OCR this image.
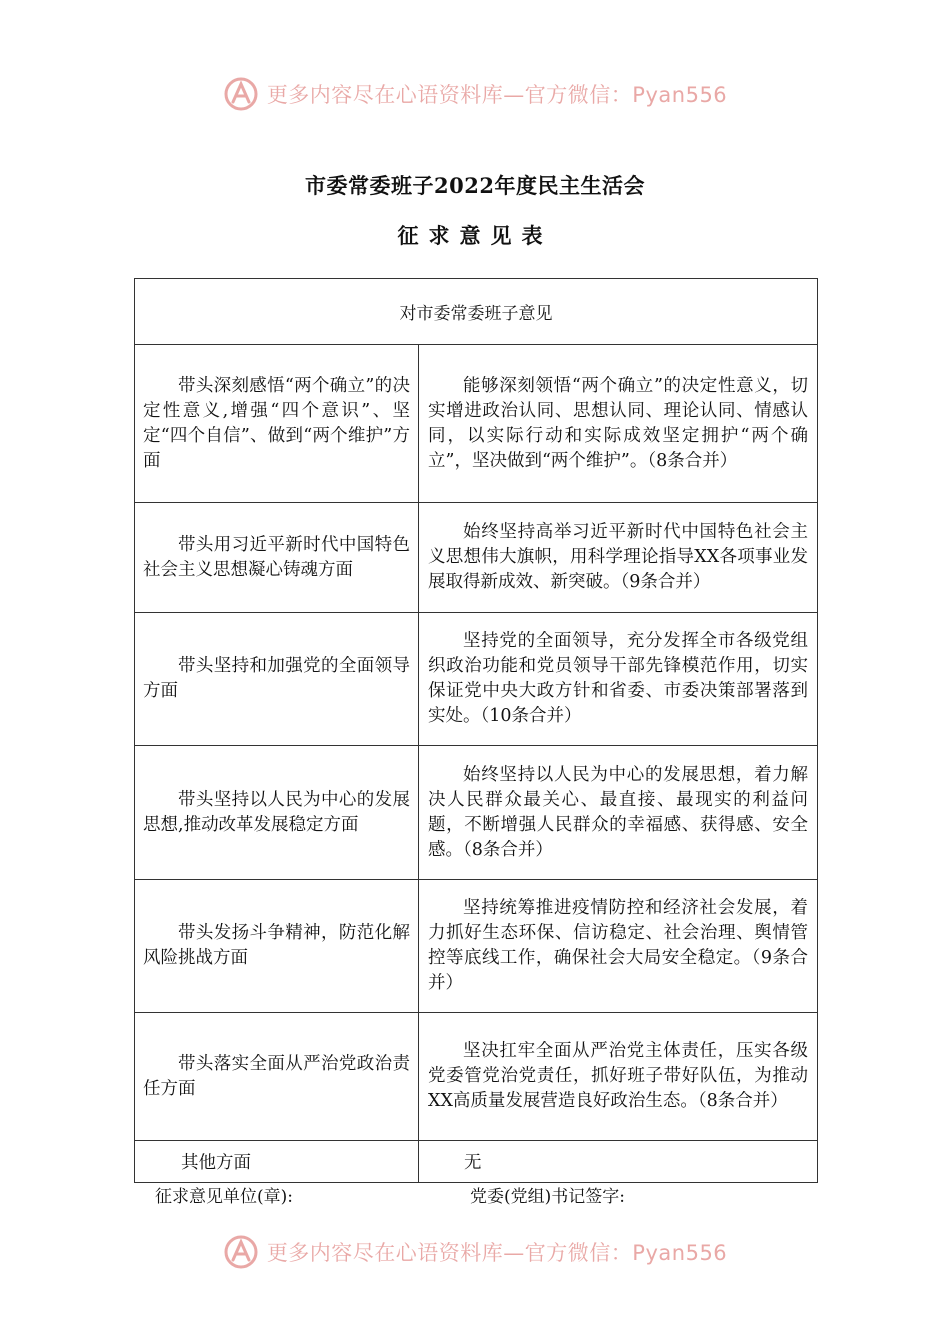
更多内容尽在心语资料库—官方微信：Pyan556
市委常委班子2022年度民主生活会
征求意见表
对市委常委班子意见	
带头深刻感悟“两个确立”的决定性意义,增强“四个意识”、坚定“四个自信”、做到“两个维护”方面	能够深刻领悟“两个确立”的决定性意义，切实增进政治认同、思想认同、理论认同、情感认同，以实际行动和实际成效坚定拥护“两个确立”，坚决做到“两个维护”。（8条合并）
带头用习近平新时代中国特色社会主义思想凝心铸魂方面	始终坚持高举习近平新时代中国特色社会主义思想伟大旗帜，用科学理论指导XX各项事业发展取得新成效、新突破。（9条合并）
带头坚持和加强党的全面领导方面	坚持党的全面领导，充分发挥全市各级党组织政治功能和党员领导干部先锋模范作用，切实保证党中央大政方针和省委、市委决策部署落到实处。（10条合并）
带头坚持以人民为中心的发展思想,推动改革发展稳定方面	始终坚持以人民为中心的发展思想，着力解决人民群众最关心、最直接、最现实的利益问题，不断增强人民群众的幸福感、获得感、安全感。（8条合并）
带头发扬斗争精神，防范化解风险挑战方面	坚持统筹推进疫情防控和经济社会发展，着力抓好生态环保、信访稳定、社会治理、舆情管控等底线工作，确保社会大局安全稳定。（9条合并）
带头落实全面从严治党政治责任方面	坚决扛牢全面从严治党主体责任，压实各级党委管党治党责任，抓好班子带好队伍，为推动XX高质量发展营造良好政治生态。（8条合并）
其他方面	无
征求意见单位(章):	党委(党组)书记签字:
更多内容尽在心语资料库—官方微信：Pyan556
